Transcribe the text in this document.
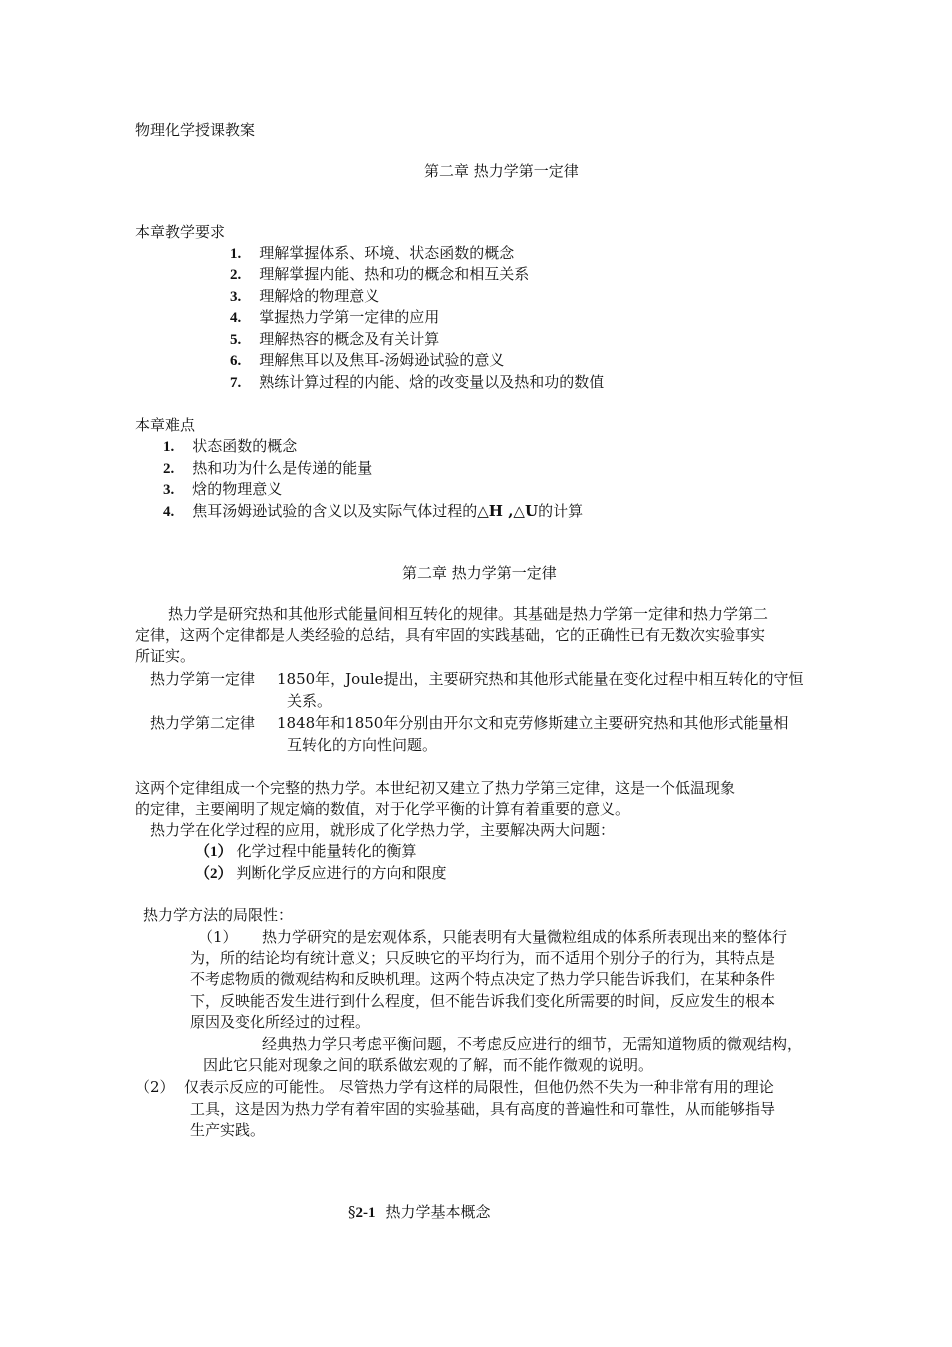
物理化学授课教案
第二章 热力学第一定律
本章教学要求
1. 理解掌握体系、环境、状态函数的概念
2. 理解掌握内能、热和功的概念和相互关系
3. 理解焓的物理意义
4. 掌握热力学第一定律的应用
5. 理解热容的概念及有关计算
6. 理解焦耳以及焦耳-汤姆逊试验的意义
7. 熟练计算过程的内能、焓的改变量以及热和功的数值
本章难点
1. 状态函数的概念
2. 热和功为什么是传递的能量
3. 焓的物理意义
4. 焦耳汤姆逊试验的含义以及实际气体过程的△H ,△U的计算
第二章 热力学第一定律
热力学是研究热和其他形式能量间相互转化的规律。其基础是热力学第一定律和热力学第二
定律，这两个定律都是人类经验的总结，具有牢固的实践基础，它的正确性已有无数次实验事实
所证实。
热力学第一定律 1850年，Joule提出，主要研究热和其他形式能量在变化过程中相互转化的守恒
关系。
热力学第二定律 1848年和1850年分别由开尔文和克劳修斯建立主要研究热和其他形式能量相
互转化的方向性问题。
这两个定律组成一个完整的热力学。本世纪初又建立了热力学第三定律，这是一个低温现象
的定律，主要阐明了规定熵的数值，对于化学平衡的计算有着重要的意义。
热力学在化学过程的应用，就形成了化学热力学，主要解决两大问题：
（1） 化学过程中能量转化的衡算
（2） 判断化学反应进行的方向和限度
热力学方法的局限性：
（1） 热力学研究的是宏观体系，只能表明有大量微粒组成的体系所表现出来的整体行
为，所的结论均有统计意义；只反映它的平均行为，而不适用个别分子的行为，其特点是
不考虑物质的微观结构和反映机理。这两个特点决定了热力学只能告诉我们，在某种条件
下，反映能否发生进行到什么程度，但不能告诉我们变化所需要的时间，反应发生的根本
原因及变化所经过的过程。
经典热力学只考虑平衡问题，不考虑反应进行的细节，无需知道物质的微观结构，
因此它只能对现象之间的联系做宏观的了解，而不能作微观的说明。
（2） 仅表示反应的可能性。 尽管热力学有这样的局限性，但他仍然不失为一种非常有用的理论
工具，这是因为热力学有着牢固的实验基础，具有高度的普遍性和可靠性，从而能够指导
生产实践。
§2-1 热力学基本概念
